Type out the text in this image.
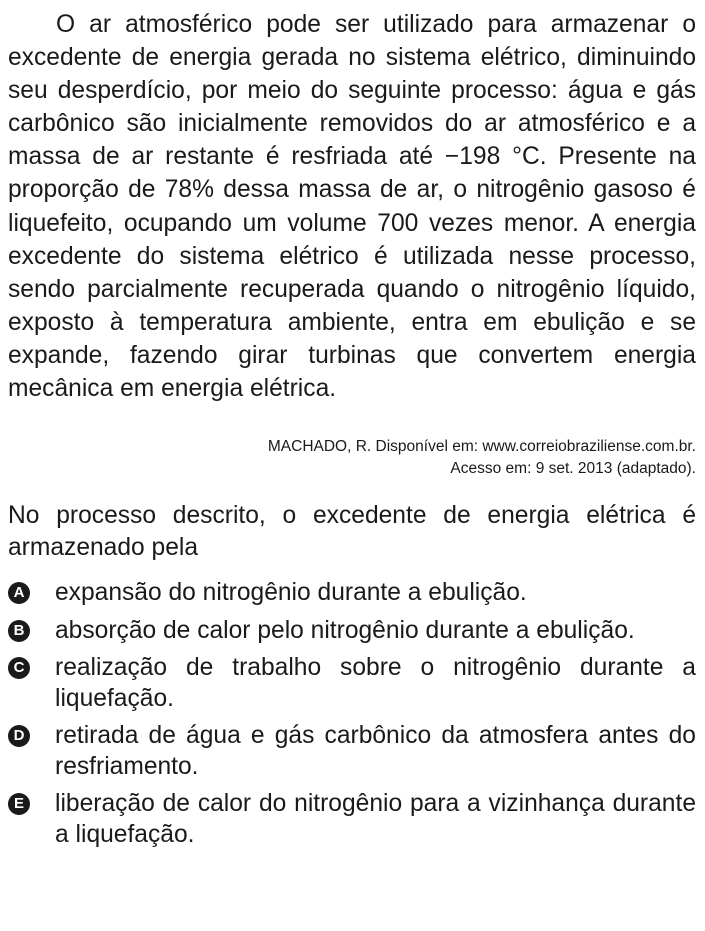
O ar atmosférico pode ser utilizado para armazenar o excedente de energia gerada no sistema elétrico, diminuindo seu desperdício, por meio do seguinte processo: água e gás carbônico são inicialmente removidos do ar atmosférico e a massa de ar restante é resfriada até −198 °C. Presente na proporção de 78% dessa massa de ar, o nitrogênio gasoso é liquefeito, ocupando um volume 700 vezes menor. A energia excedente do sistema elétrico é utilizada nesse processo, sendo parcialmente recuperada quando o nitrogênio líquido, exposto à temperatura ambiente, entra em ebulição e se expande, fazendo girar turbinas que convertem energia mecânica em energia elétrica.

MACHADO, R. Disponível em: www.correiobraziliense.com.br.
Acesso em: 9 set. 2013 (adaptado).
No processo descrito, o excedente de energia elétrica é armazenado pela
A expansão do nitrogênio durante a ebulição.
B absorção de calor pelo nitrogênio durante a ebulição.
C realização de trabalho sobre o nitrogênio durante a liquefação.
D retirada de água e gás carbônico da atmosfera antes do resfriamento.
E liberação de calor do nitrogênio para a vizinhança durante a liquefação.
